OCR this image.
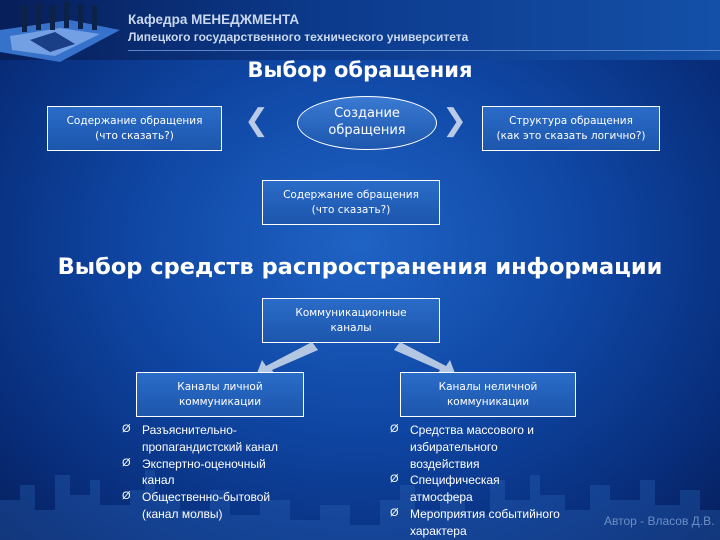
Кафедра МЕНЕДЖМЕНТА
Липецкого государственного технического университета
Выбор обращения
Содержание обращения
(что сказать?) ❮	Создание
обращения ❯	Структура обращения
(как это сказать логично?)
Содержание обращения
(что сказать?)
Выбор средств распространения информации
Коммуникационные
каналы
Каналы личной
коммуникации
Каналы неличной
коммуникации
Ø Разъяснительно-
пропагандистский канал
Ø Экспертно-оценочный
канал
Ø Общественно-бытовой
(канал молвы)
Ø Средства массового и
избирательного
воздействия
Ø Специфическая
атмосфера
Ø Мероприятия событийного
характера
Автор - Власов Д.В.
